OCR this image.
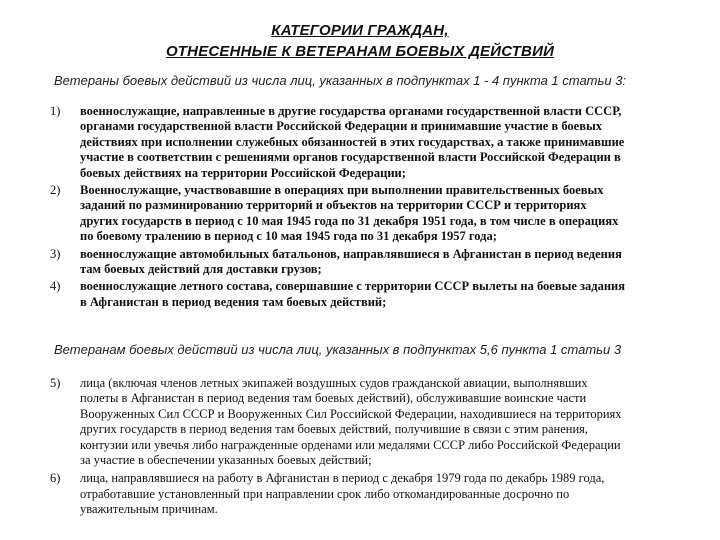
КАТЕГОРИИ ГРАЖДАН,
ОТНЕСЕННЫЕ К ВЕТЕРАНАМ БОЕВЫХ ДЕЙСТВИЙ
Ветераны боевых действий из числа лиц, указанных в подпунктах 1 - 4 пункта 1 статьи 3:
1)	военнослужащие, направленные в другие государства органами государственной власти СССР,
органами государственной власти Российской Федерации и принимавшие участие в боевых
действиях при исполнении служебных обязанностей в этих государствах, а также принимавшие
участие в соответствии с решениями органов государственной власти Российской Федерации в
боевых действиях на территории Российской Федерации;
2)	Военнослужащие, участвовавшие в операциях при выполнении правительственных боевых
заданий по разминированию территорий и объектов на территории СССР и территориях
других государств в период с 10 мая 1945 года по 31 декабря 1951 года, в том числе в операциях
по боевому тралению в период с 10 мая 1945 года по 31 декабря 1957 года;
3)	военнослужащие автомобильных батальонов, направлявшиеся в Афганистан в период ведения
там боевых действий для доставки грузов;
4)	военнослужащие летного состава, совершавшие с территории СССР вылеты на боевые задания
в Афганистан в период ведения там боевых действий;
Ветеранам боевых действий из числа лиц, указанных в подпунктах 5,6 пункта 1 статьи 3
5)	лица (включая членов летных экипажей воздушных судов гражданской авиации, выполнявших
полеты в Афганистан в период ведения там боевых действий), обслуживавшие воинские части
Вооруженных Сил СССР и Вооруженных Сил Российской Федерации, находившиеся на территориях
других государств в период ведения там боевых действий, получившие в связи с этим ранения,
контузии или увечья либо награжденные орденами или медалями СССР либо Российской Федерации
за участие в обеспечении указанных боевых действий;
6)	лица, направлявшиеся на работу в Афганистан в период с декабря 1979 года по декабрь 1989 года,
отработавшие установленный при направлении срок либо откомандированные досрочно по
уважительным причинам.
